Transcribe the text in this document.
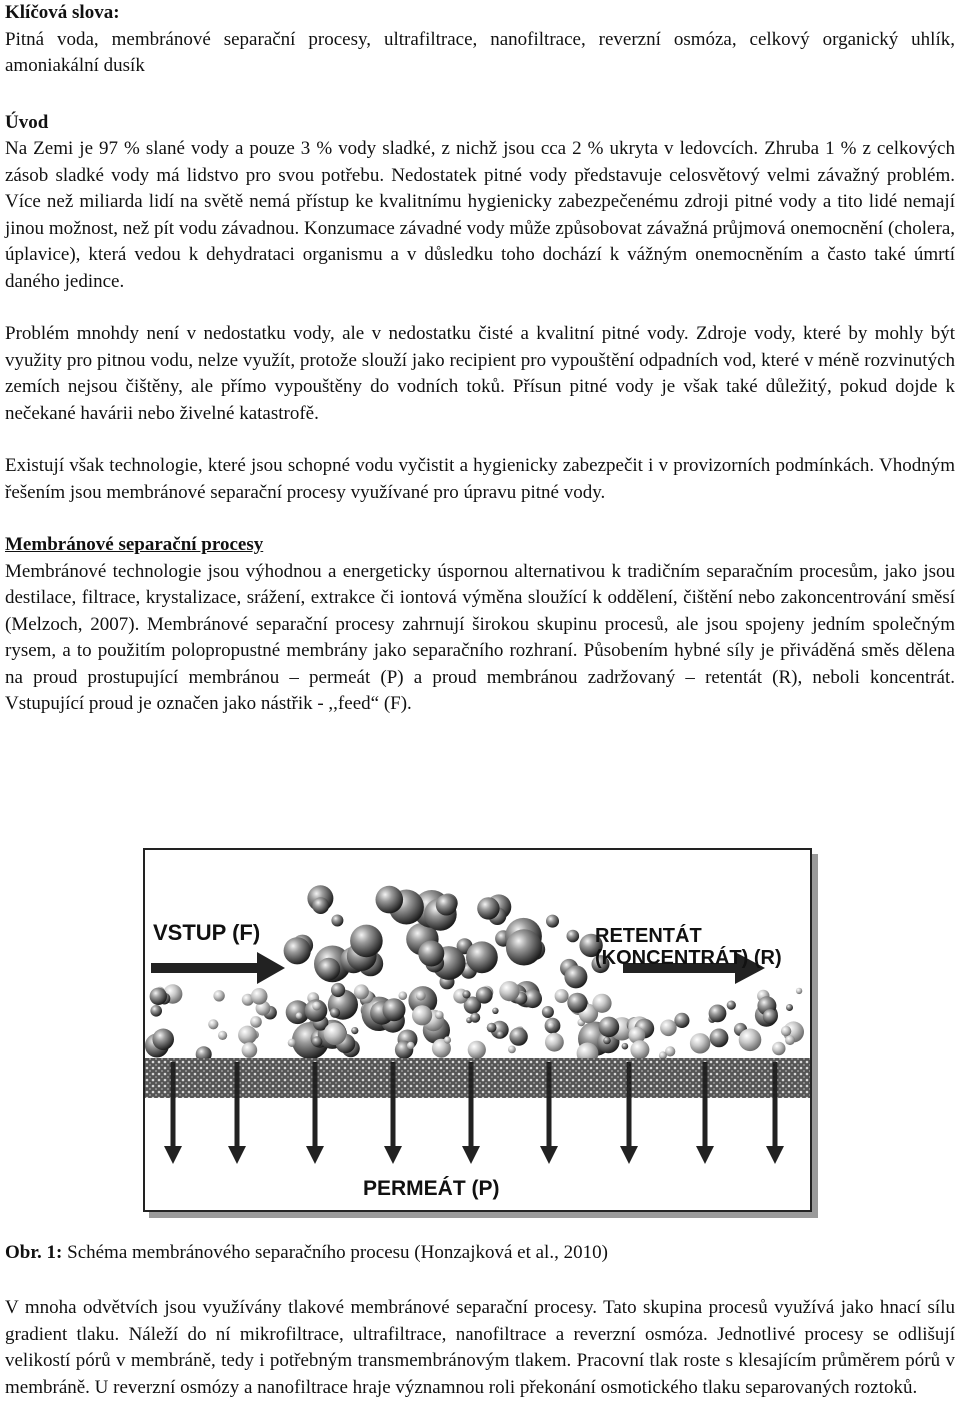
Klíčová slova:

Pitná voda, membránové separační procesy, ultrafiltrace, nanofiltrace, reverzní osmóza, celkový organický uhlík, amoniakální dusík

Úvod

Na Zemi je 97 % slané vody a pouze 3 % vody sladké, z nichž jsou cca 2 % ukryta v ledovcích. Zhruba 1 % z celkových zásob sladké vody má lidstvo pro svou potřebu. Nedostatek pitné vody představuje celosvětový velmi závažný problém. Více než miliarda lidí na světě nemá přístup ke kvalitnímu hygienicky zabezpečenému zdroji pitné vody a tito lidé nemají jinou možnost, než pít vodu závadnou. Konzumace závadné vody může způsobovat závažná průjmová onemocnění (cholera, úplavice), která vedou k dehydrataci organismu a v důsledku toho dochází k vážným onemocněním a často také úmrtí daného jedince.

Problém mnohdy není v nedostatku vody, ale v nedostatku čisté a kvalitní pitné vody. Zdroje vody, které by mohly být využity pro pitnou vodu, nelze využít, protože slouží jako recipient pro vypouštění odpadních vod, které v méně rozvinutých zemích nejsou čištěny, ale přímo vypouštěny do vodních toků. Přísun pitné vody je však také důležitý, pokud dojde k nečekané havárii nebo živelné katastrofě.

Existují však technologie, které jsou schopné vodu vyčistit a hygienicky zabezpečit i v provizorních podmínkách. Vhodným řešením jsou membránové separační procesy využívané pro úpravu pitné vody.

Membránové separační procesy

Membránové technologie jsou výhodnou a energeticky úspornou alternativou k tradičním separačním procesům, jako jsou destilace, filtrace, krystalizace, srážení, extrakce či iontová výměna sloužící k oddělení, čištění nebo zakoncentrování směsí (Melzoch, 2007). Membránové separační procesy zahrnují širokou skupinu procesů, ale jsou spojeny jedním společným rysem, a to použitím polopropustné membrány jako separačního rozhraní. Působením hybné síly je přiváděná směs dělena na proud prostupující membránou – permeát (P) a proud membránou zadržovaný – retentát (R), neboli koncentrát. Vstupující proud je označen jako nástřik - ,,feed“ (F).

VSTUP (F)	RETENTÁT
(KONCENTRÁT) (R)
PERMEÁT (P)
Obr. 1: Schéma membránového separačního procesu (Honzajková et al., 2010)

V mnoha odvětvích jsou využívány tlakové membránové separační procesy. Tato skupina procesů využívá jako hnací sílu gradient tlaku. Náleží do ní mikrofiltrace, ultrafiltrace, nanofiltrace a reverzní osmóza. Jednotlivé procesy se odlišují velikostí pórů v membráně, tedy i potřebným transmembránovým tlakem. Pracovní tlak roste s klesajícím průměrem pórů v membráně. U reverzní osmózy a nanofiltrace hraje významnou roli překonání osmotického tlaku separovaných roztoků.
